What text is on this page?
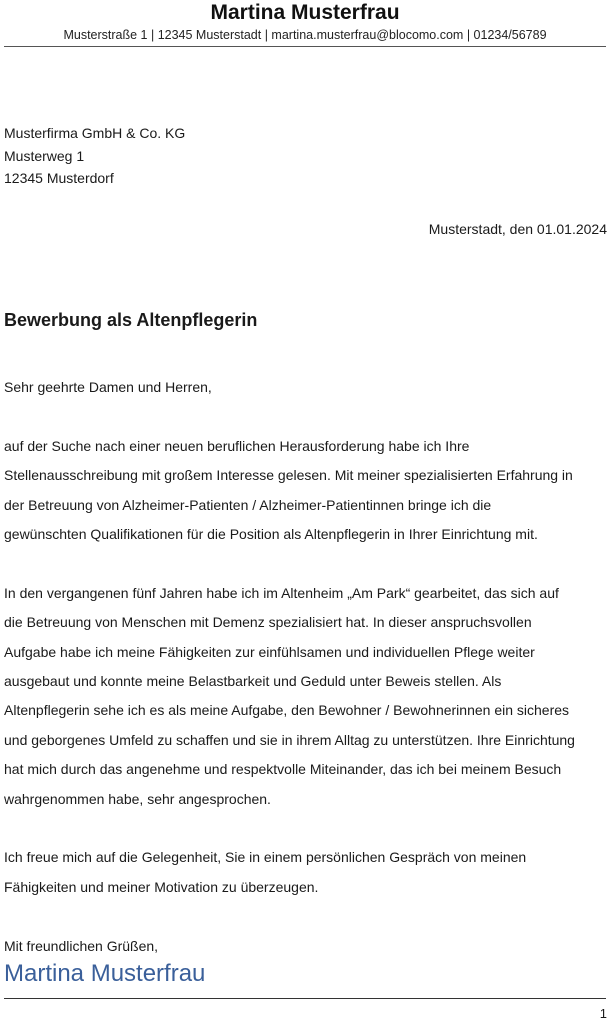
Martina Musterfrau
Musterstraße 1 | 12345 Musterstadt | martina.musterfrau@blocomo.com | 01234/56789
Musterfirma GmbH & Co. KG
Musterweg 1
12345 Musterdorf
Musterstadt, den 01.01.2024
Bewerbung als Altenpflegerin

Sehr geehrte Damen und Herren,

auf der Suche nach einer neuen beruflichen Herausforderung habe ich Ihre
Stellenausschreibung mit großem Interesse gelesen. Mit meiner spezialisierten Erfahrung in
der Betreuung von Alzheimer-Patienten / Alzheimer-Patientinnen bringe ich die
gewünschten Qualifikationen für die Position als Altenpflegerin in Ihrer Einrichtung mit.

In den vergangenen fünf Jahren habe ich im Altenheim „Am Park“ gearbeitet, das sich auf
die Betreuung von Menschen mit Demenz spezialisiert hat. In dieser anspruchsvollen
Aufgabe habe ich meine Fähigkeiten zur einfühlsamen und individuellen Pflege weiter
ausgebaut und konnte meine Belastbarkeit und Geduld unter Beweis stellen. Als
Altenpflegerin sehe ich es als meine Aufgabe, den Bewohner / Bewohnerinnen ein sicheres
und geborgenes Umfeld zu schaffen und sie in ihrem Alltag zu unterstützen. Ihre Einrichtung
hat mich durch das angenehme und respektvolle Miteinander, das ich bei meinem Besuch
wahrgenommen habe, sehr angesprochen.

Ich freue mich auf die Gelegenheit, Sie in einem persönlichen Gespräch von meinen
Fähigkeiten und meiner Motivation zu überzeugen.

Mit freundlichen Grüßen,

Martina Musterfrau
1
